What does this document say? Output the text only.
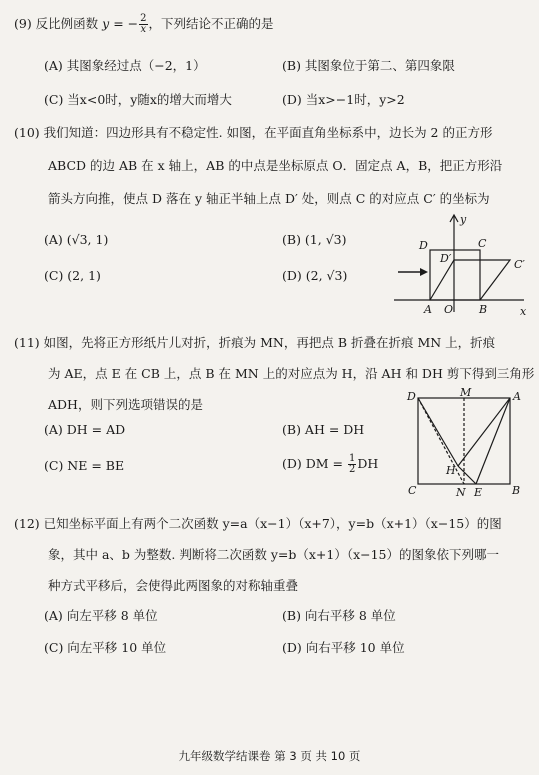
(9) 反比例函数 y = − $\frac{2}{x}$ ，下列结论不正确的是
(A) 其图象经过点（−2，1）	(B) 其图象位于第二、第四象限
(C) 当x<0时，y随x的增大而增大	(D) 当x>−1时，y>2
(10) 我们知道：四边形具有不稳定性. 如图，在平面直角坐标系中，边长为 2 的正方形
ABCD 的边 AB 在 x 轴上，AB 的中点是坐标原点 O．固定点 A，B，把正方形沿
箭头方向推，使点 D 落在 y 轴正半轴上点 D′ 处，则点 C 的对应点 C′ 的坐标为
(A) (√3, 1)	(B) (1, √3)
(C) (2, 1)	(D) (2, √3)
D	C
D′	C′
A O B	x
y
(11) 如图，先将正方形纸片儿对折，折痕为 MN，再把点 B 折叠在折痕 MN 上，折痕
为 AE，点 E 在 CB 上，点 B 在 MN 上的对应点为 H，沿 AH 和 DH 剪下得到三角形
ADH，则下列选项错误的是
(A) DH = AD	(B) AH = DH
(C) NE = BE	(D) DM = $\frac{1}{2}$ DH
D	M	A
H
C	N E	B
(12) 已知坐标平面上有两个二次函数 y=a（x−1）（x+7），y=b（x+1）（x−15）的图
象，其中 a、b 为整数. 判断将二次函数 y=b（x+1）（x−15）的图象依下列哪一
种方式平移后，会使得此两图象的对称轴重叠
(A) 向左平移 8 单位	(B) 向右平移 8 单位
(C) 向左平移 10 单位	(D) 向右平移 10 单位
九年级数学结课卷 第 3 页 共 10 页
